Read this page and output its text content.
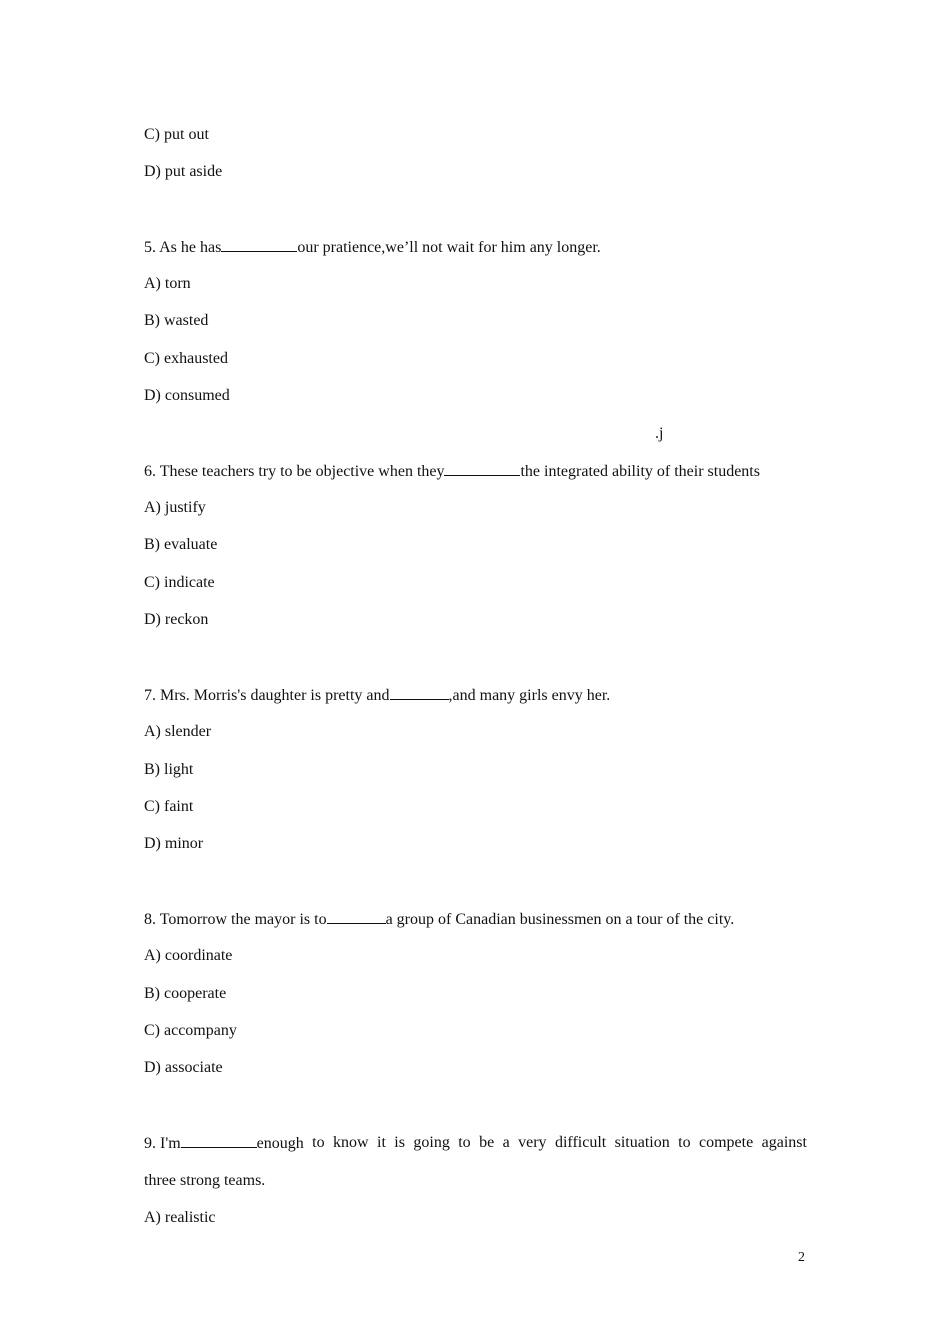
C) put out
D) put aside
5. As he has	our pratience,we’ll not wait for him any longer.
A) torn
B) wasted
C) exhausted
D) consumed
.j
6. These teachers try to be objective when they	the integrated ability of their students
A) justify
B) evaluate
C) indicate
D) reckon
7. Mrs. Morris's daughter is pretty and	,and many girls envy her.
A) slender
B) light
C) faint
D) minor
8. Tomorrow the mayor is to	a group of Canadian businessmen on a tour of the city.
A) coordinate
B) cooperate
C) accompany
D) associate
9. I'm	enough to know it is going to be a very difficult situation to compete against
three strong teams.
A) realistic
2
